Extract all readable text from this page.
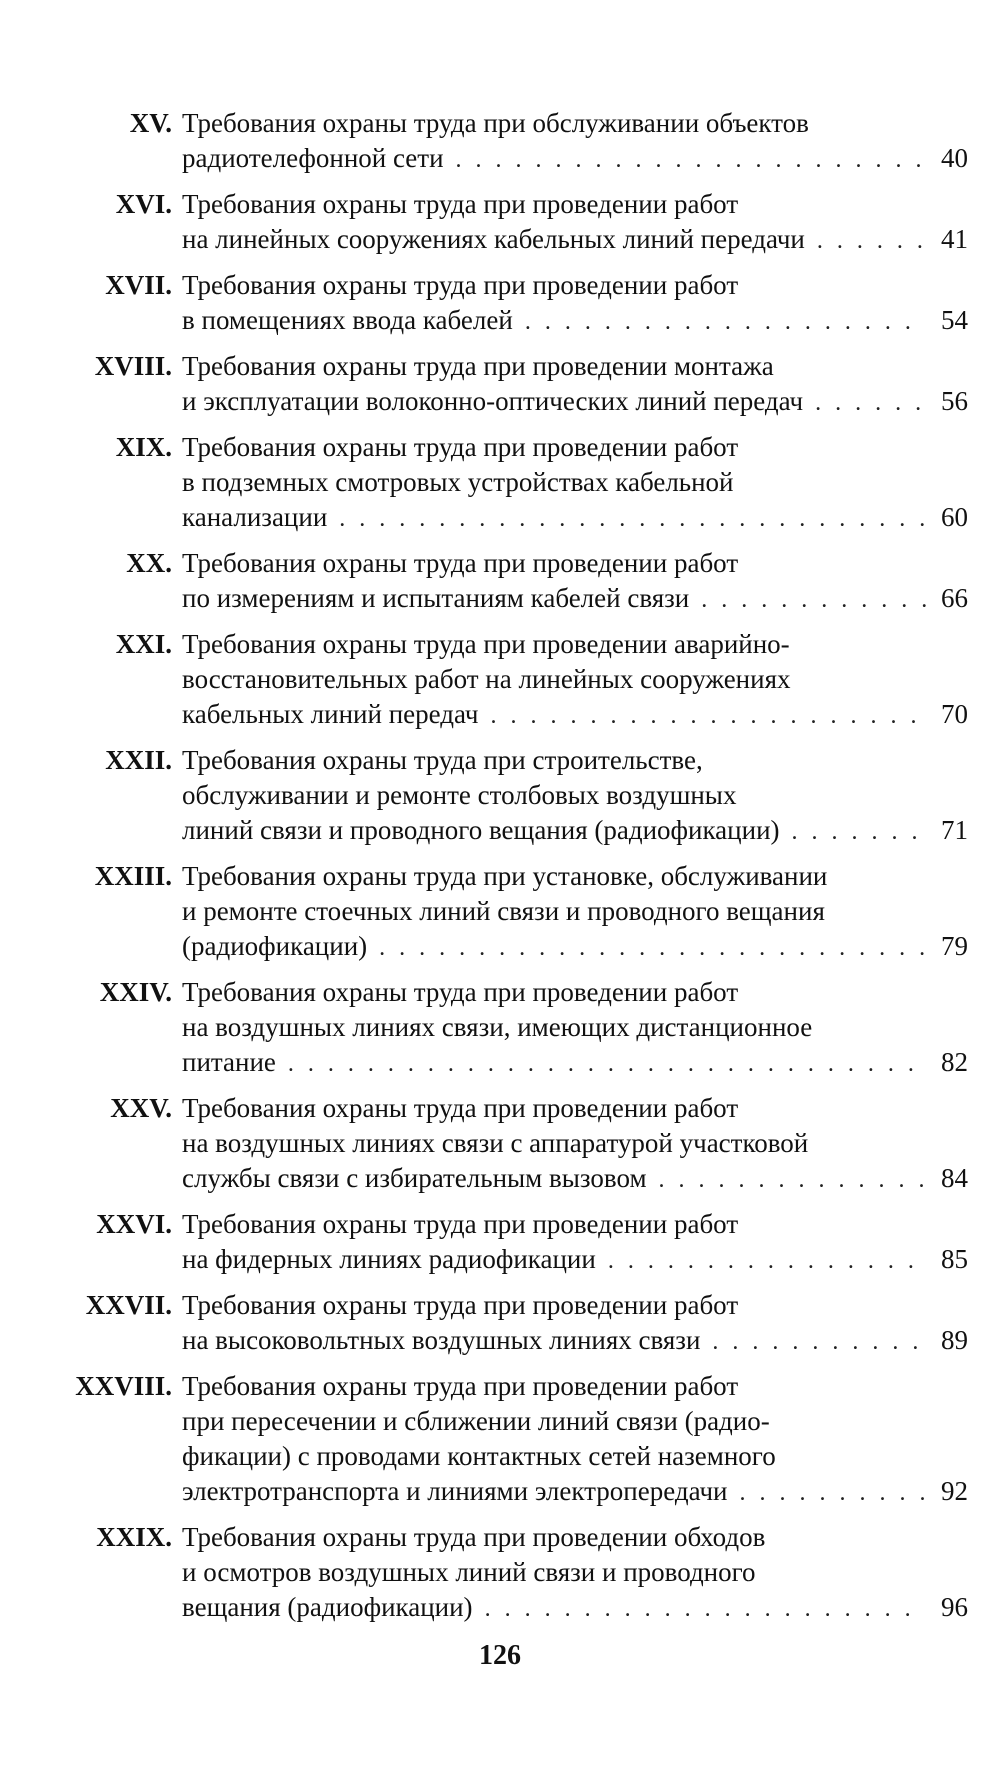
XV. Требования охраны труда при обслуживании объектов
радиотелефонной сети . . .	40
XVI. Требования охраны труда при проведении работ
на линейных сооружениях кабельных линий передачи . . .	41
XVII. Требования охраны труда при проведении работ
в помещениях ввода кабелей . . .	54
XVIII. Требования охраны труда при проведении монтажа
и эксплуатации волоконно-оптических линий передач . . .	56
XIX. Требования охраны труда при проведении работ
в подземных смотровых устройствах кабельной
канализации . . .	60
XX. Требования охраны труда при проведении работ
по измерениям и испытаниям кабелей связи . . .	66
XXI. Требования охраны труда при проведении аварийно-
восстановительных работ на линейных сооружениях
кабельных линий передач . . .	70
XXII. Требования охраны труда при строительстве,
обслуживании и ремонте столбовых воздушных
линий связи и проводного вещания (радиофикации) . . .	71
XXIII. Требования охраны труда при установке, обслуживании
и ремонте стоечных линий связи и проводного вещания
(радиофикации) . . .	79
XXIV. Требования охраны труда при проведении работ
на воздушных линиях связи, имеющих дистанционное
питание . . .	82
XXV. Требования охраны труда при проведении работ
на воздушных линиях связи с аппаратурой участковой
службы связи с избирательным вызовом . . .	84
XXVI. Требования охраны труда при проведении работ
на фидерных линиях радиофикации . . .	85
XXVII. Требования охраны труда при проведении работ
на высоковольтных воздушных линиях связи . . .	89
XXVIII. Требования охраны труда при проведении работ
при пересечении и сближении линий связи (радио-
фикации) с проводами контактных сетей наземного
электротранспорта и линиями электропередачи . . .	92
XXIX. Требования охраны труда при проведении обходов
и осмотров воздушных линий связи и проводного
вещания (радиофикации) . . .	96
126
